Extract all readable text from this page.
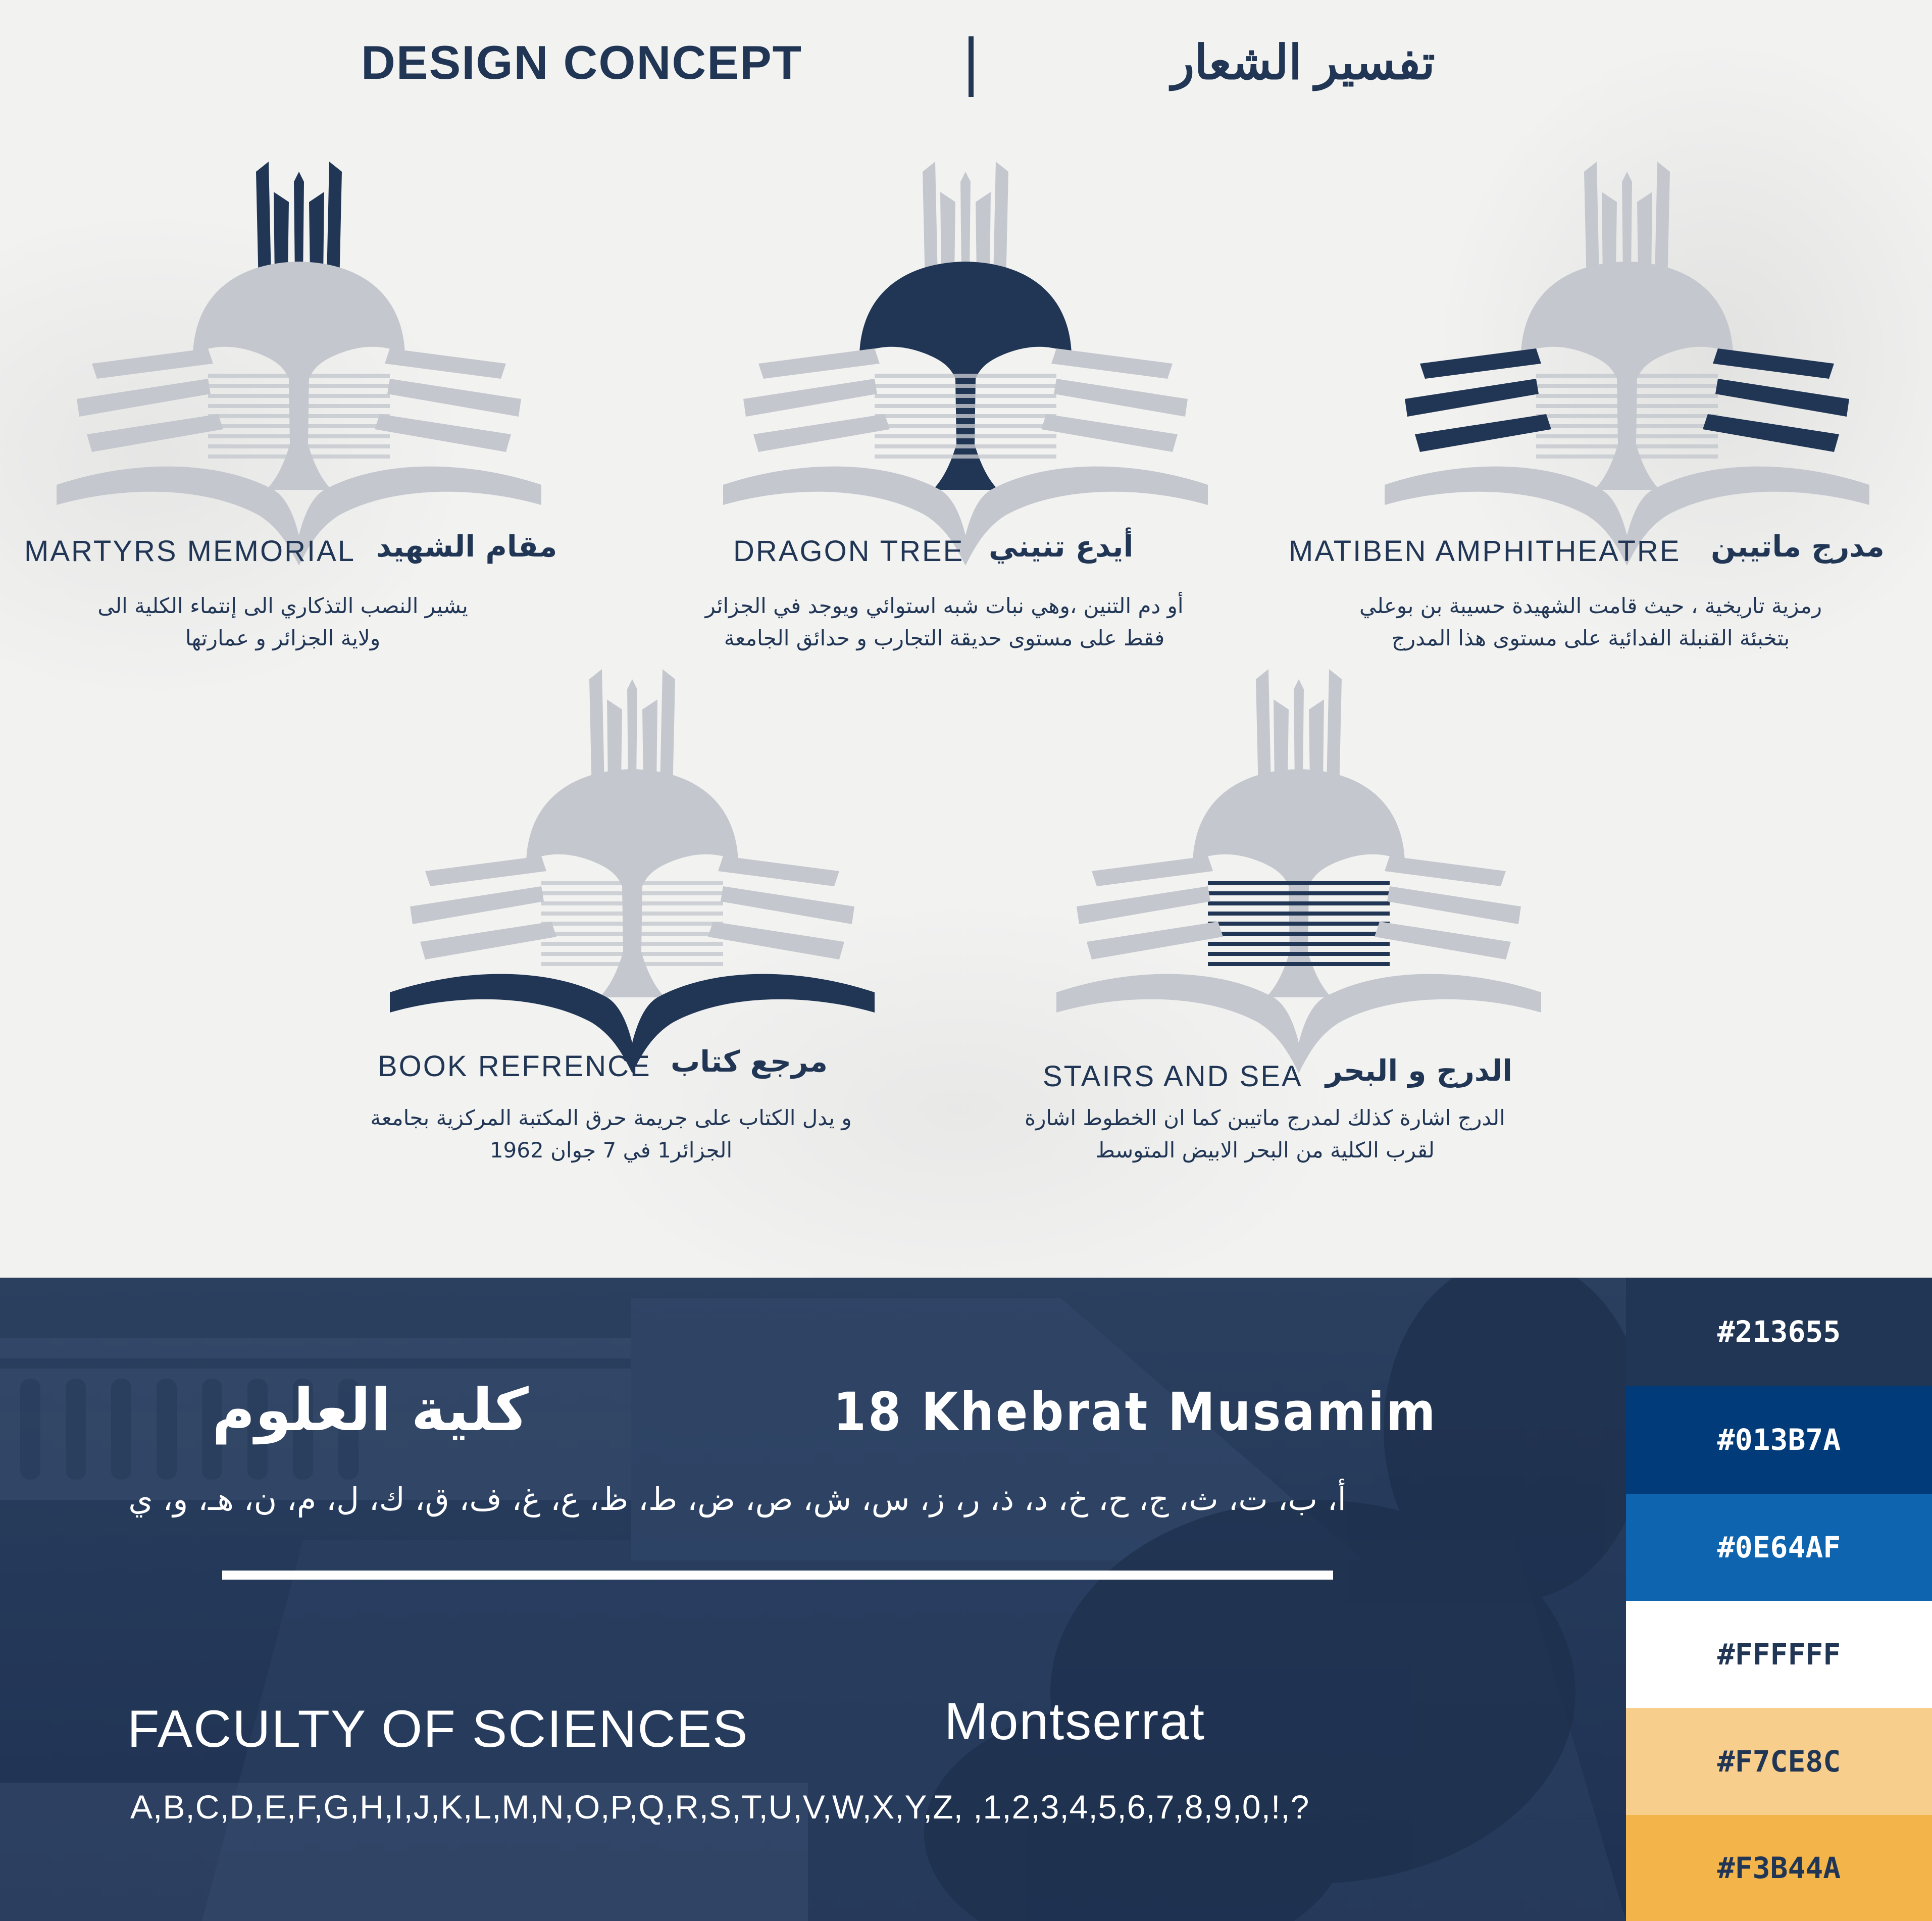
DESIGN CONCEPT	تفسير الشعار
MARTYRS MEMORIAL مقام الشهيد
يشير النصب التذكاري الى إنتماء الكلية الى
ولاية الجزائر و عمارتها
DRAGON TREE أيدع تنيني
أو دم التنين ،وهي نبات شبه استوائي ويوجد في الجزائر
فقط على مستوى حديقة التجارب و حدائق الجامعة
MATIBEN AMPHITHEATRE مدرج ماتيبن
رمزية تاريخية ، حيث قامت الشهيدة حسيبة بن بوعلي
بتخبئة القنبلة الفدائية على مستوى هذا المدرج
BOOK REFRENCE مرجع كتاب
و يدل الكتاب على جريمة حرق المكتبة المركزية بجامعة
الجزائر1 في 7 جوان 1962
STAIRS AND SEA الدرج و البحر
الدرج اشارة كذلك لمدرج ماتيبن كما ان الخطوط اشارة
لقرب الكلية من البحر الابيض المتوسط
كلية العلوم	18 Khebrat Musamim
أ، ب، ت، ث، ج، ح، خ، د، ذ، ر، ز، س، ش، ص، ض، ط، ظ، ع، غ، ف، ق، ك، ل، م، ن، هـ، و، ي
FACULTY OF SCIENCES	Montserrat
A,B,C,D,E,F,G,H,I,J,K,L,M,N,O,P,Q,R,S,T,U,V,W,X,Y,Z, ,1,2,3,4,5,6,7,8,9,0,!,?
#213655
#013B7A
#0E64AF
#FFFFFF
#F7CE8C
#F3B44A
